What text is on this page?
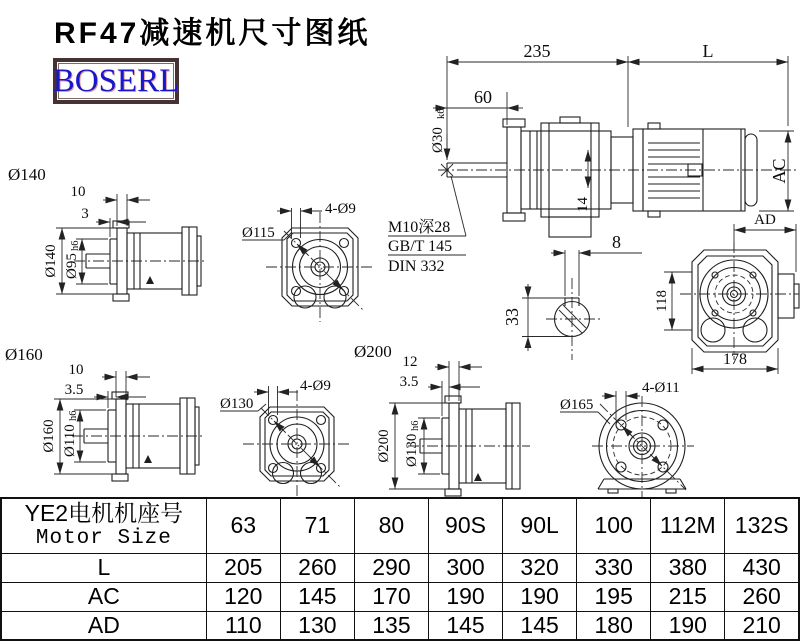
RF47减速机尺寸图纸
BOSERL
235	L
60
Ø30
k6
AC
14
M10深28
GB/T 145
DIN 332
8
33
AD
118
178
Ø140
10
3
Ø140 Ø95
h6
Ø115
4-Ø9
Ø160
10
3.5
Ø160 Ø110
h6
Ø130
4-Ø9
Ø200
12
3.5
Ø200 Ø130
h6
Ø165
4-Ø11
YE2电机机座号
Motor Size	63	71	80	90S	90L	100	112M	132S
L	205	260	290	300	320	330	380	430
AC	120	145	170	190	190	195	215	260
AD	110	130	135	145	145	180	190	210
